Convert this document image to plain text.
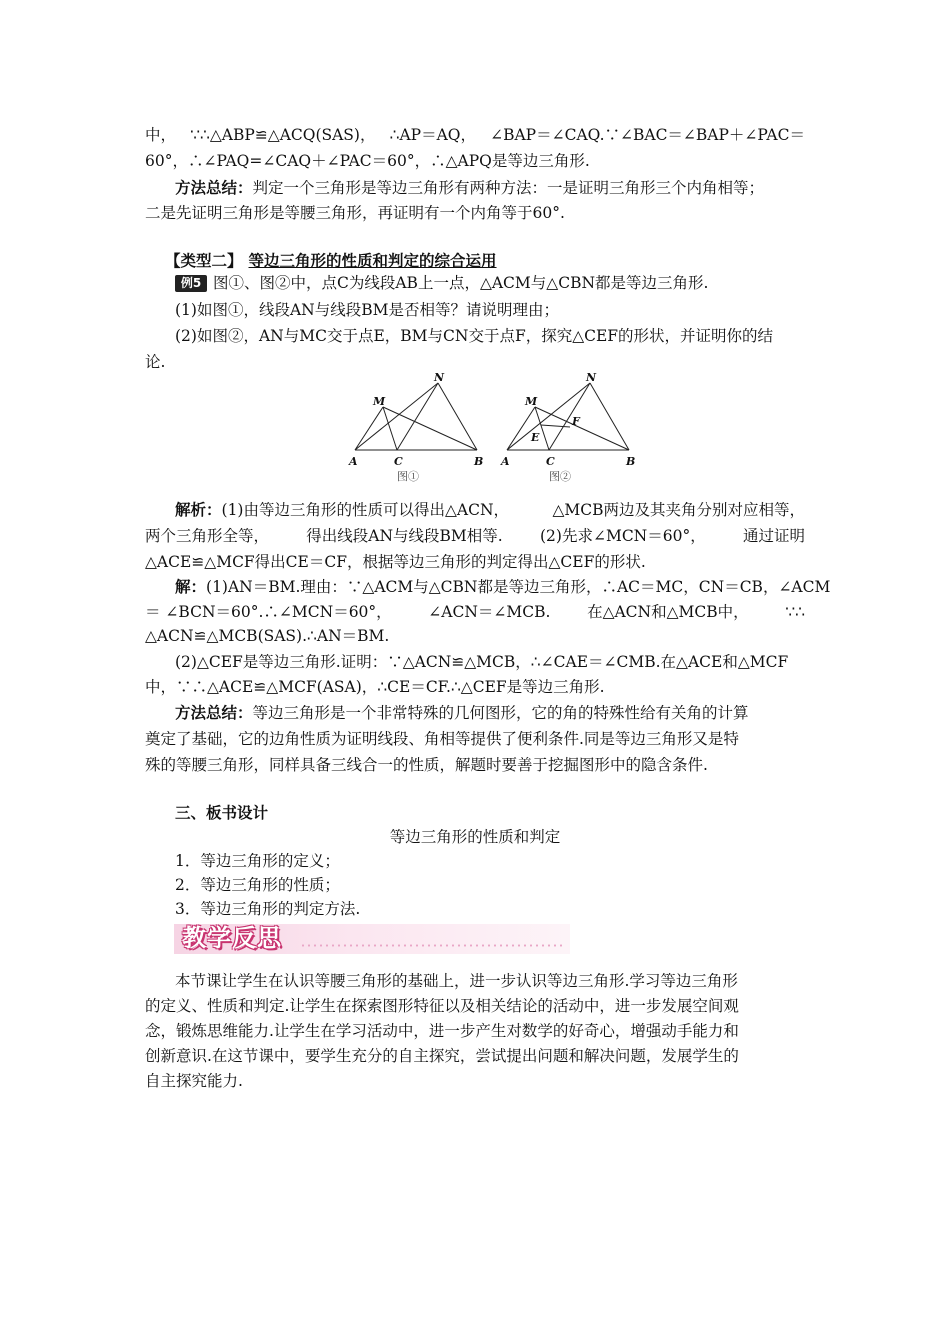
中， ∵∴△ABP≌△ACQ(SAS)， ∴AP＝AQ， ∠BAP＝∠CAQ.∵∠BAC＝∠BAP＋∠PAC＝
60°，∴∠PAQ=∠CAQ＋∠PAC＝60°，∴△APQ是等边三角形.
方法总结：判定一个三角形是等边三角形有两种方法：一是证明三角形三个内角相等；
二是先证明三角形是等腰三角形，再证明有一个内角等于60°.
【类型二】 等边三角形的性质和判定的综合运用
例5 图①、图②中，点C为线段AB上一点，△ACM与△CBN都是等边三角形.
(1)如图①，线段AN与线段BM是否相等？请说明理由；
(2)如图②，AN与MC交于点E，BM与CN交于点F，探究△CEF的形状，并证明你的结
论.
M
N
A	C	B
图①
M
N
A	C	B
E
F
图②
解析：(1)由等边三角形的性质可以得出△ACN，	△MCB两边及其夹角分别对应相等，
两个三角形全等， 得出线段AN与线段BM相等. (2)先求∠MCN＝60°， 通过证明
△ACE≌△MCF得出CE＝CF，根据等边三角形的判定得出△CEF的形状.
解：(1)AN＝BM.理由：∵△ACM与△CBN都是等边三角形，∴AC＝MC，CN＝CB，∠ACM
＝ ∠BCN＝60°.∴∠MCN＝60°， ∠ACN＝∠MCB. 在△ACN和△MCB中， ∵∴
△ACN≌△MCB(SAS).∴AN＝BM.
(2)△CEF是等边三角形.证明：∵△ACN≌△MCB，∴∠CAE＝∠CMB.在△ACE和△MCF
中，∵∴△ACE≌△MCF(ASA)，∴CE＝CF.∴△CEF是等边三角形.
方法总结：等边三角形是一个非常特殊的几何图形，它的角的特殊性给有关角的计算
奠定了基础，它的边角性质为证明线段、角相等提供了便利条件.同是等边三角形又是特
殊的等腰三角形，同样具备三线合一的性质，解题时要善于挖掘图形中的隐含条件.
三、板书设计
等边三角形的性质和判定
1．等边三角形的定义；
2．等边三角形的性质；
3．等边三角形的判定方法.
教学反思
本节课让学生在认识等腰三角形的基础上，进一步认识等边三角形.学习等边三角形
的定义、性质和判定.让学生在探索图形特征以及相关结论的活动中，进一步发展空间观
念，锻炼思维能力.让学生在学习活动中，进一步产生对数学的好奇心，增强动手能力和
创新意识.在这节课中，要学生充分的自主探究，尝试提出问题和解决问题，发展学生的
自主探究能力.
